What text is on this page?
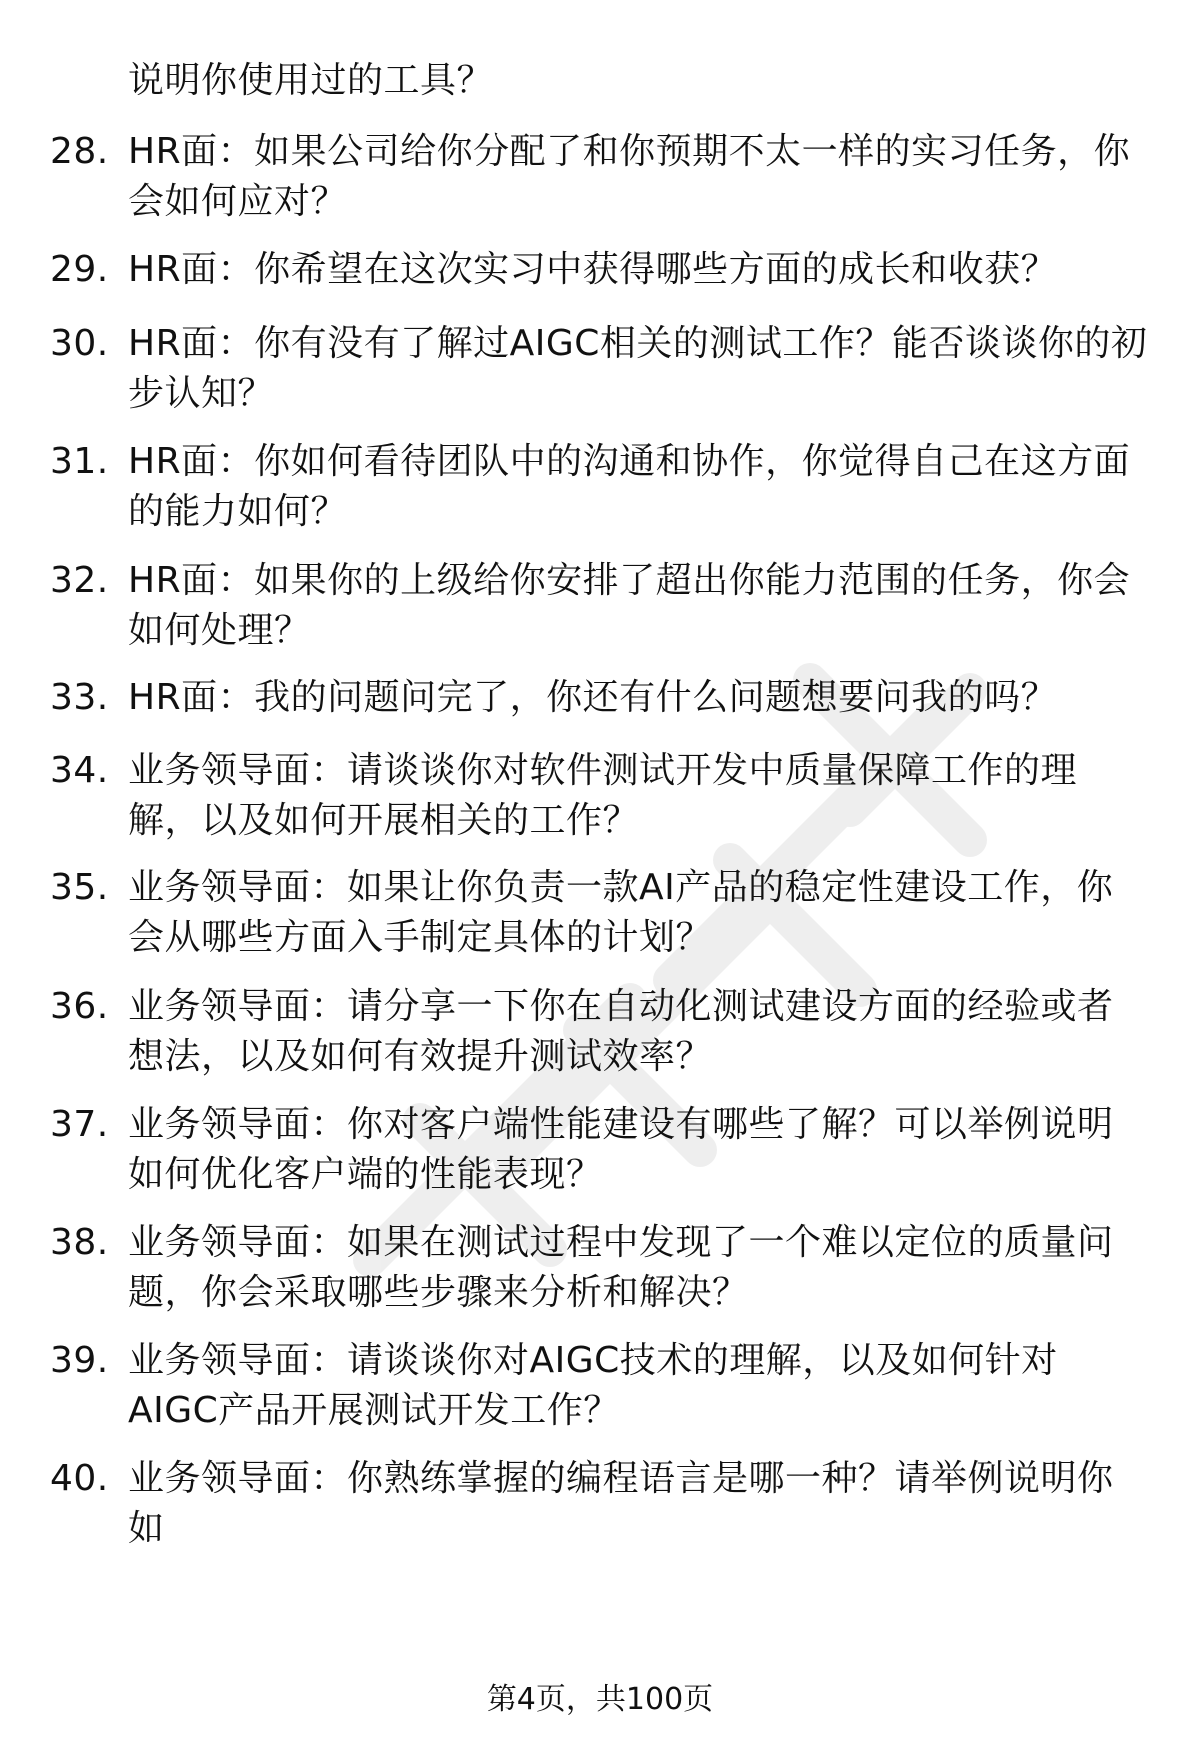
说明你使用过的工具？
28. HR面：如果公司给你分配了和你预期不太一样的实习任务，你会如何应对？
29. HR面：你希望在这次实习中获得哪些方面的成长和收获？
30. HR面：你有没有了解过AIGC相关的测试工作？能否谈谈你的初步认知？
31. HR面：你如何看待团队中的沟通和协作，你觉得自己在这方面的能力如何？
32. HR面：如果你的上级给你安排了超出你能力范围的任务，你会如何处理？
33. HR面：我的问题问完了，你还有什么问题想要问我的吗？
34. 业务领导面：请谈谈你对软件测试开发中质量保障工作的理解，以及如何开展相关的工作？
35. 业务领导面：如果让你负责一款AI产品的稳定性建设工作，你会从哪些方面入手制定具体的计划？
36. 业务领导面：请分享一下你在自动化测试建设方面的经验或者想法，以及如何有效提升测试效率？
37. 业务领导面：你对客户端性能建设有哪些了解？可以举例说明如何优化客户端的性能表现？
38. 业务领导面：如果在测试过程中发现了一个难以定位的质量问题，你会采取哪些步骤来分析和解决？
39. 业务领导面：请谈谈你对AIGC技术的理解，以及如何针对AIGC产品开展测试开发工作？
40. 业务领导面：你熟练掌握的编程语言是哪一种？请举例说明你如
第4页，共100页
